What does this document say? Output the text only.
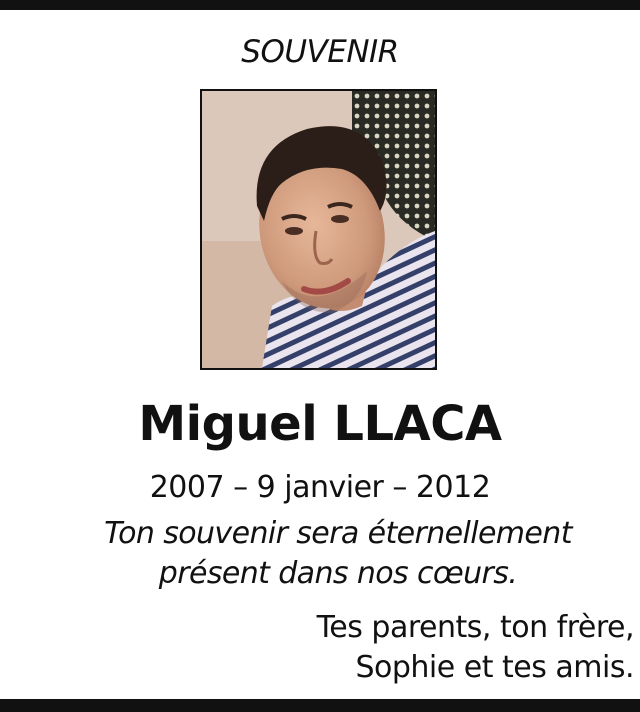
SOUVENIR
Miguel LLACA
2007 – 9 janvier – 2012
Ton souvenir sera éternellement
présent dans nos cœurs.
Tes parents, ton frère,
Sophie et tes amis.
